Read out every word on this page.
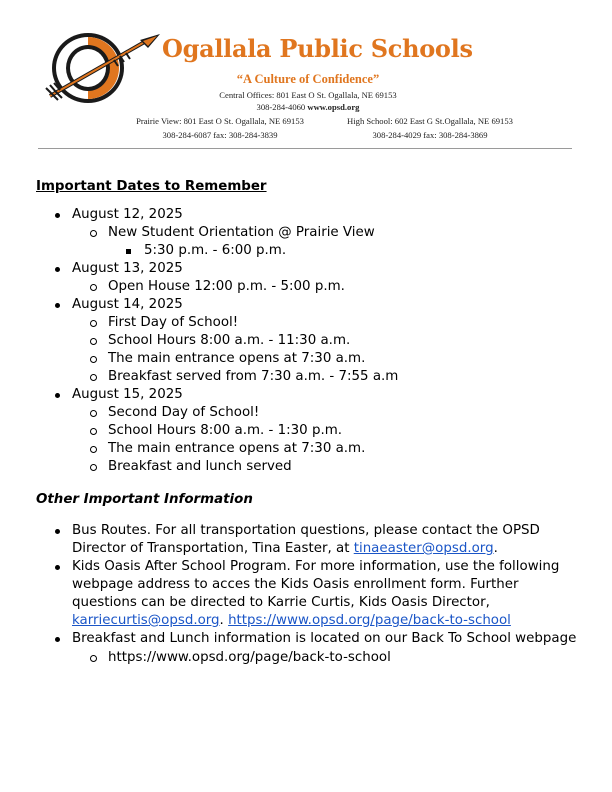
Ogallala Public Schools
“A Culture of Confidence”
Central Offices: 801 East O St. Ogallala, NE 69153
308-284-4060 www.opsd.org
Prairie View: 801 East O St. Ogallala, NE 69153
308-284-6087 fax: 308-284-3839
High School: 602 East G St.Ogallala, NE 69153
308-284-4029 fax: 308-284-3869
Important Dates to Remember
August 12, 2025
New Student Orientation @ Prairie View
5:30 p.m. - 6:00 p.m.
August 13, 2025
Open House 12:00 p.m. - 5:00 p.m.
August 14, 2025
First Day of School!
School Hours 8:00 a.m. - 11:30 a.m.
The main entrance opens at 7:30 a.m.
Breakfast served from 7:30 a.m. - 7:55 a.m
August 15, 2025
Second Day of School!
School Hours 8:00 a.m. - 1:30 p.m.
The main entrance opens at 7:30 a.m.
Breakfast and lunch served
Other Important Information
Bus Routes. For all transportation questions, please contact the OPSD
Director of Transportation, Tina Easter, at tinaeaster@opsd.org.
Kids Oasis After School Program. For more information, use the following
webpage address to acces the Kids Oasis enrollment form. Further
questions can be directed to Karrie Curtis, Kids Oasis Director,
karriecurtis@opsd.org. https://www.opsd.org/page/back-to-school
Breakfast and Lunch information is located on our Back To School webpage
https://www.opsd.org/page/back-to-school
